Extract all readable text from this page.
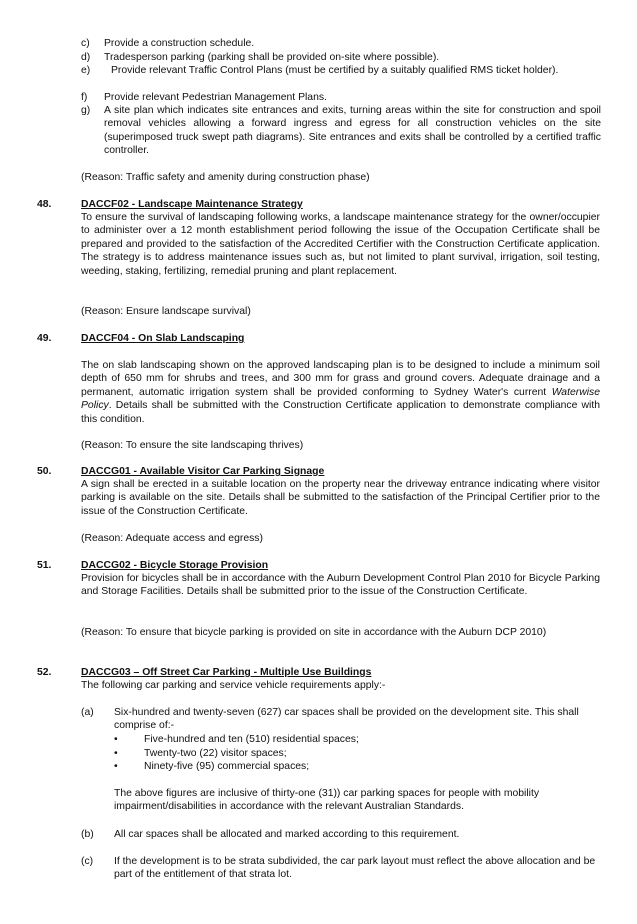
c) Provide a construction schedule.
d) Tradesperson parking (parking shall be provided on-site where possible).
e)	Provide relevant Traffic Control Plans (must be certified by a suitably qualified RMS ticket holder).
f) Provide relevant Pedestrian Management Plans.
g) A site plan which indicates site entrances and exits, turning areas within the site for construction and spoil removal vehicles allowing a forward ingress and egress for all construction vehicles on the site (superimposed truck swept path diagrams). Site entrances and exits shall be controlled by a certified traffic controller.
(Reason: Traffic safety and amenity during construction phase)
48.	DACCF02 - Landscape Maintenance Strategy
To ensure the survival of landscaping following works, a landscape maintenance strategy for the owner/occupier to administer over a 12 month establishment period following the issue of the Occupation Certificate shall be prepared and provided to the satisfaction of the Accredited Certifier with the Construction Certificate application. The strategy is to address maintenance issues such as, but not limited to plant survival, irrigation, soil testing, weeding, staking, fertilizing, remedial pruning and plant replacement.
(Reason: Ensure landscape survival)
49.	DACCF04 - On Slab Landscaping
The on slab landscaping shown on the approved landscaping plan is to be designed to include a minimum soil depth of 650 mm for shrubs and trees, and 300 mm for grass and ground covers. Adequate drainage and a permanent, automatic irrigation system shall be provided conforming to Sydney Water's current Waterwise Policy. Details shall be submitted with the Construction Certificate application to demonstrate compliance with this condition.
(Reason: To ensure the site landscaping thrives)
50.	DACCG01 - Available Visitor Car Parking Signage
A sign shall be erected in a suitable location on the property near the driveway entrance indicating where visitor parking is available on the site. Details shall be submitted to the satisfaction of the Principal Certifier prior to the issue of the Construction Certificate.
(Reason: Adequate access and egress)
51.	DACCG02 - Bicycle Storage Provision
Provision for bicycles shall be in accordance with the Auburn Development Control Plan 2010 for Bicycle Parking and Storage Facilities. Details shall be submitted prior to the issue of the Construction Certificate.
(Reason: To ensure that bicycle parking is provided on site in accordance with the Auburn DCP 2010)
52.	DACCG03 – Off Street Car Parking - Multiple Use Buildings
The following car parking and service vehicle requirements apply:-
(a) Six-hundred and twenty-seven (627) car spaces shall be provided on the development site. This shall comprise of:-
•	Five-hundred and ten (510) residential spaces;
•	Twenty-two (22) visitor spaces;
•	Ninety-five (95) commercial spaces;
The above figures are inclusive of thirty-one (31)) car parking spaces for people with mobility impairment/disabilities in accordance with the relevant Australian Standards.
(b) All car spaces shall be allocated and marked according to this requirement.
(c) If the development is to be strata subdivided, the car park layout must reflect the above allocation and be part of the entitlement of that strata lot.
